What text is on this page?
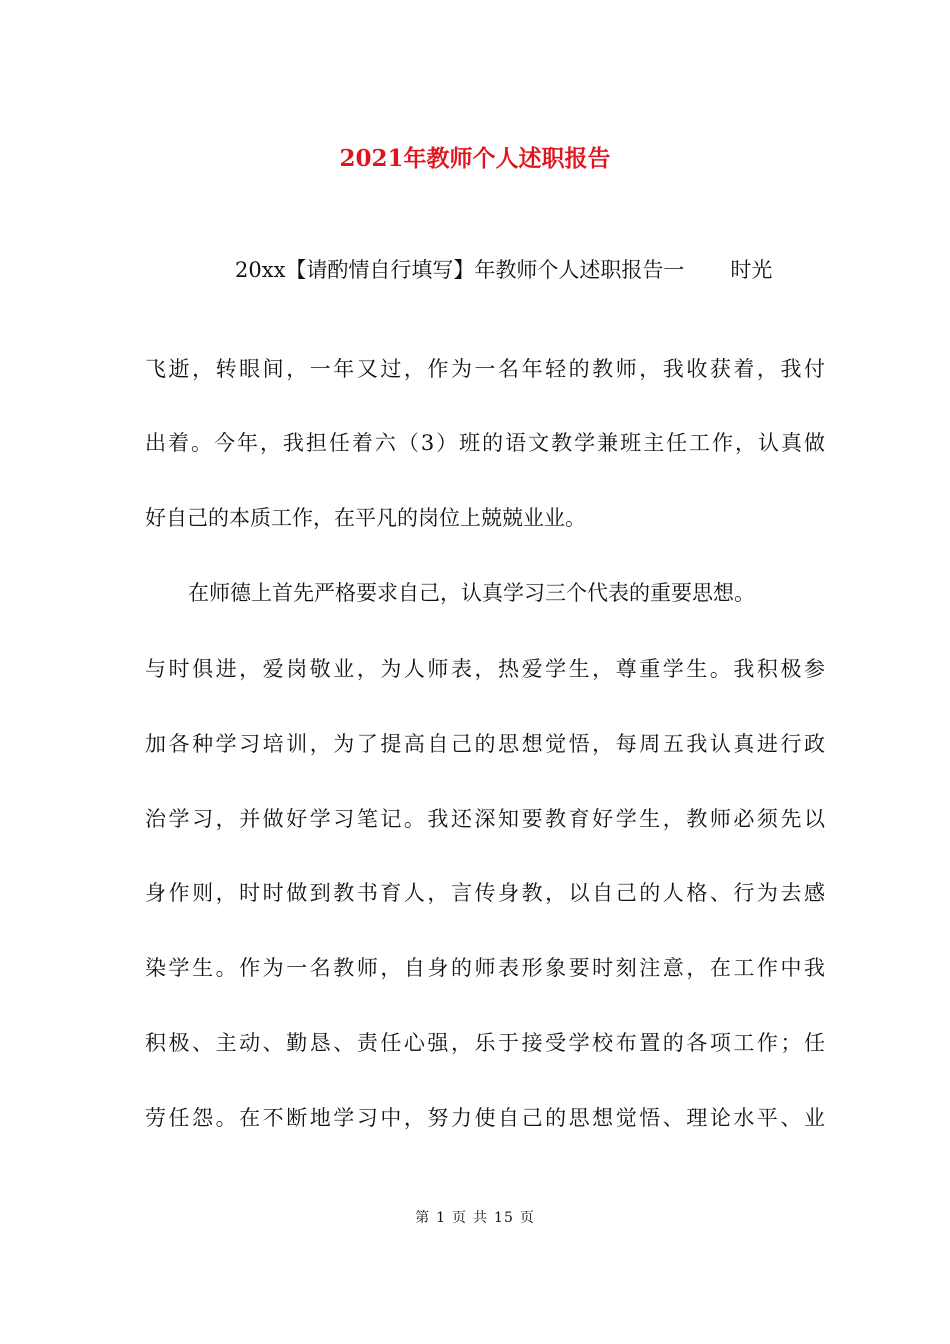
2021年教师个人述职报告
20xx【请酌情自行填写】年教师个人述职报告一 时光
飞逝，转眼间，一年又过，作为一名年轻的教师，我收获着，我付
出着。今年，我担任着六（3）班的语文教学兼班主任工作，认真做
好自己的本质工作，在平凡的岗位上兢兢业业。
在师德上首先严格要求自己，认真学习三个代表的重要思想。
与时俱进，爱岗敬业，为人师表，热爱学生，尊重学生。我积极参
加各种学习培训，为了提高自己的思想觉悟，每周五我认真进行政
治学习，并做好学习笔记。我还深知要教育好学生，教师必须先以
身作则，时时做到教书育人，言传身教，以自己的人格、行为去感
染学生。作为一名教师，自身的师表形象要时刻注意，在工作中我
积极、主动、勤恳、责任心强，乐于接受学校布置的各项工作；任
劳任怨。在不断地学习中，努力使自己的思想觉悟、理论水平、业
第 1 页 共 15 页
